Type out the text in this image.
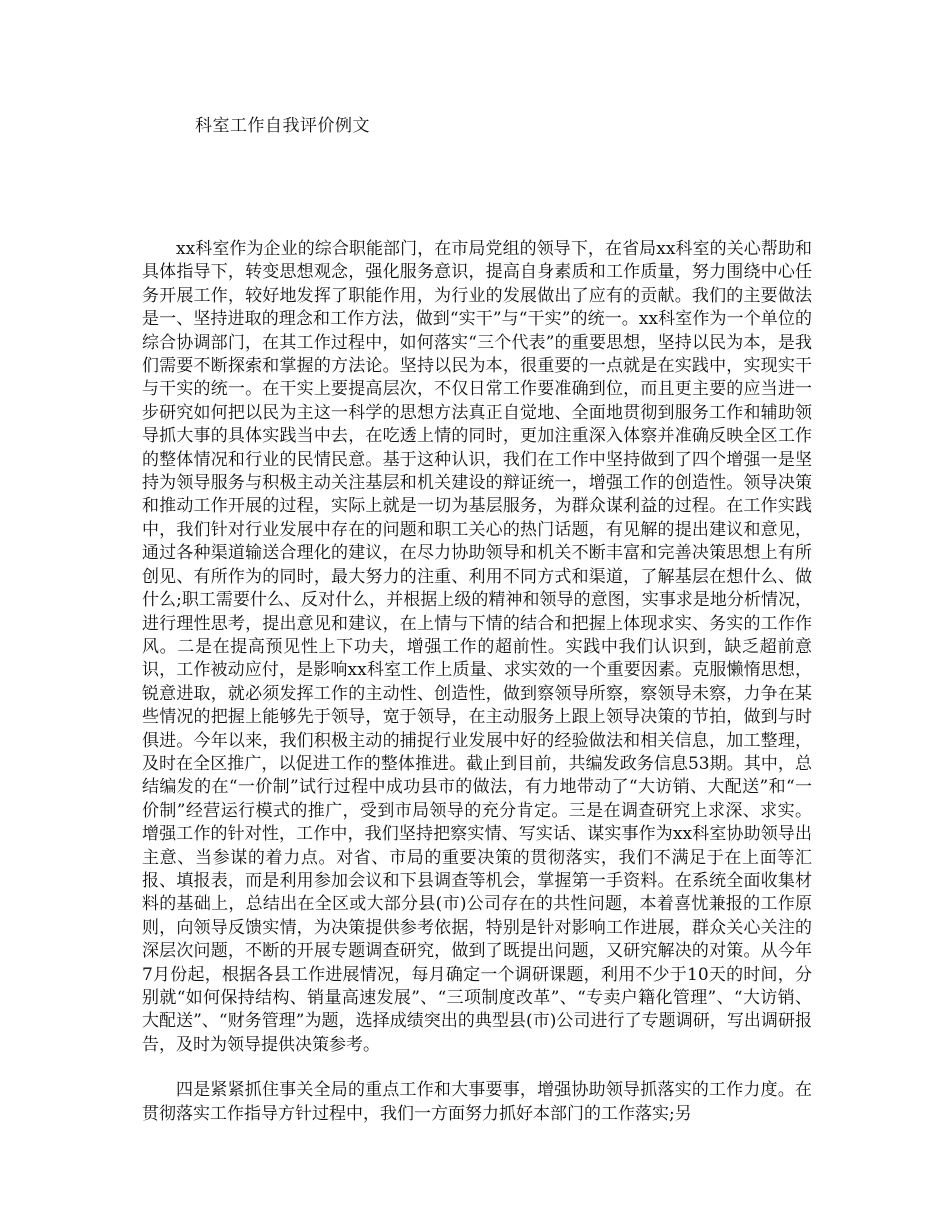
科室工作自我评价例文

xx科室作为企业的综合职能部门，在市局党组的领导下，在省局xx科室的关心帮助和具体指导下，转变思想观念，强化服务意识，提高自身素质和工作质量，努力围绕中心任务开展工作，较好地发挥了职能作用，为行业的发展做出了应有的贡献。我们的主要做法是一、坚持进取的理念和工作方法，做到“实干”与“干实”的统一。xx科室作为一个单位的综合协调部门，在其工作过程中，如何落实“三个代表”的重要思想，坚持以民为本，是我们需要不断探索和掌握的方法论。坚持以民为本，很重要的一点就是在实践中，实现实干与干实的统一。在干实上要提高层次，不仅日常工作要准确到位，而且更主要的应当进一步研究如何把以民为主这一科学的思想方法真正自觉地、全面地贯彻到服务工作和辅助领导抓大事的具体实践当中去，在吃透上情的同时，更加注重深入体察并准确反映全区工作的整体情况和行业的民情民意。基于这种认识，我们在工作中坚持做到了四个增强一是坚持为领导服务与积极主动关注基层和机关建设的辩证统一，增强工作的创造性。领导决策和推动工作开展的过程，实际上就是一切为基层服务，为群众谋利益的过程。在工作实践中，我们针对行业发展中存在的问题和职工关心的热门话题，有见解的提出建议和意见，通过各种渠道输送合理化的建议，在尽力协助领导和机关不断丰富和完善决策思想上有所创见、有所作为的同时，最大努力的注重、利用不同方式和渠道，了解基层在想什么、做什么;职工需要什么、反对什么，并根据上级的精神和领导的意图，实事求是地分析情况，进行理性思考，提出意见和建议，在上情与下情的结合和把握上体现求实、务实的工作作风。二是在提高预见性上下功夫，增强工作的超前性。实践中我们认识到，缺乏超前意识，工作被动应付，是影响xx科室工作上质量、求实效的一个重要因素。克服懒惰思想，锐意进取，就必须发挥工作的主动性、创造性，做到察领导所察，察领导未察，力争在某些情况的把握上能够先于领导，宽于领导，在主动服务上跟上领导决策的节拍，做到与时俱进。今年以来，我们积极主动的捕捉行业发展中好的经验做法和相关信息，加工整理，及时在全区推广，以促进工作的整体推进。截止到目前，共编发政务信息53期。其中，总结编发的在“一价制”试行过程中成功县市的做法，有力地带动了“大访销、大配送”和“一价制”经营运行模式的推广，受到市局领导的充分肯定。三是在调查研究上求深、求实。增强工作的针对性，工作中，我们坚持把察实情、写实话、谋实事作为xx科室协助领导出主意、当参谋的着力点。对省、市局的重要决策的贯彻落实，我们不满足于在上面等汇报、填报表，而是利用参加会议和下县调查等机会，掌握第一手资料。在系统全面收集材料的基础上，总结出在全区或大部分县(市)公司存在的共性问题，本着喜忧兼报的工作原则，向领导反馈实情，为决策提供参考依据，特别是针对影响工作进展，群众关心关注的深层次问题，不断的开展专题调查研究，做到了既提出问题，又研究解决的对策。从今年7月份起，根据各县工作进展情况，每月确定一个调研课题，利用不少于10天的时间，分别就“如何保持结构、销量高速发展”、“三项制度改革”、“专卖户籍化管理”、“大访销、大配送”、“财务管理”为题，选择成绩突出的典型县(市)公司进行了专题调研，写出调研报告，及时为领导提供决策参考。

四是紧紧抓住事关全局的重点工作和大事要事，增强协助领导抓落实的工作力度。在贯彻落实工作指导方针过程中，我们一方面努力抓好本部门的工作落实;另
